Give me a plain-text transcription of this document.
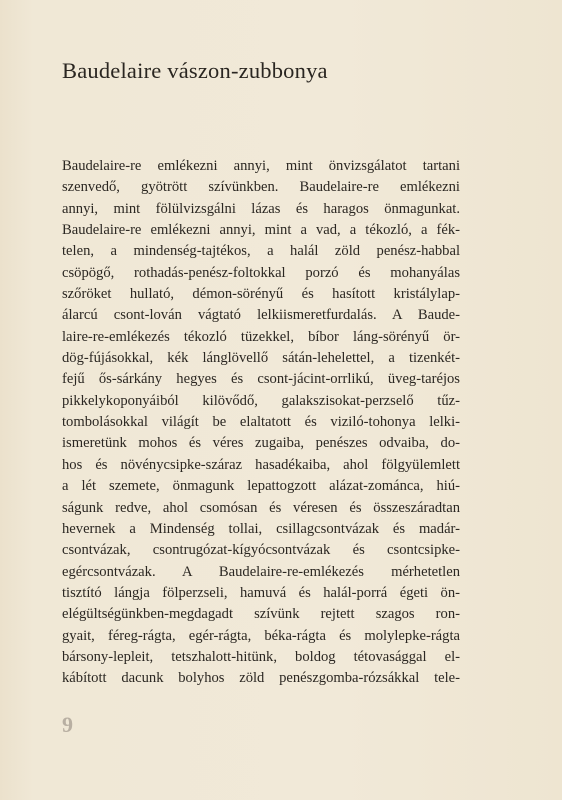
Baudelaire vászon-zubbonya
Baudelaire-re emlékezni annyi, mint önvizsgálatot tartani
szenvedő, gyötrött szívünkben. Baudelaire-re emlékezni
annyi, mint fölülvizsgálni lázas és haragos önmagunkat.
Baudelaire-re emlékezni annyi, mint a vad, a tékozló, a fék-
telen, a mindenség-tajtékos, a halál zöld penész-habbal
csöpögő, rothadás-penész-foltokkal porzó és mohanyálas
szőröket hullató, démon-sörényű és hasított kristálylap-
álarcú csont-lován vágtató lelkiismeretfurdalás. A Baude-
laire-re-emlékezés tékozló tüzekkel, bíbor láng-sörényű ör-
dög-fújásokkal, kék lánglövellő sátán-lehelettel, a tizenkét-
fejű ős-sárkány hegyes és csont-jácint-orrlikú, üveg-taréjos
pikkelykoponyáiból kilövődő, galakszisokat-perzselő tűz-
tombolásokkal világít be elaltatott és viziló-tohonya lelki-
ismeretünk mohos és véres zugaiba, penészes odvaiba, do-
hos és növénycsipke-száraz hasadékaiba, ahol fölgyülemlett
a lét szemete, önmagunk lepattogzott alázat-zománca, hiú-
ságunk redve, ahol csomósan és véresen és összeszáradtan
hevernek a Mindenség tollai, csillagcsontvázak és madár-
csontvázak, csontrugózat-kígyócsontvázak és csontcsipke-
egércsontvázak. A Baudelaire-re-emlékezés mérhetetlen
tisztító lángja fölperzseli, hamuvá és halál-porrá égeti ön-
elégültségünkben-megdagadt szívünk rejtett szagos ron-
gyait, féreg-rágta, egér-rágta, béka-rágta és molylepke-rágta
bársony-lepleit, tetszhalott-hitünk, boldog tétovasággal el-
kábított dacunk bolyhos zöld penészgomba-rózsákkal tele-
9
